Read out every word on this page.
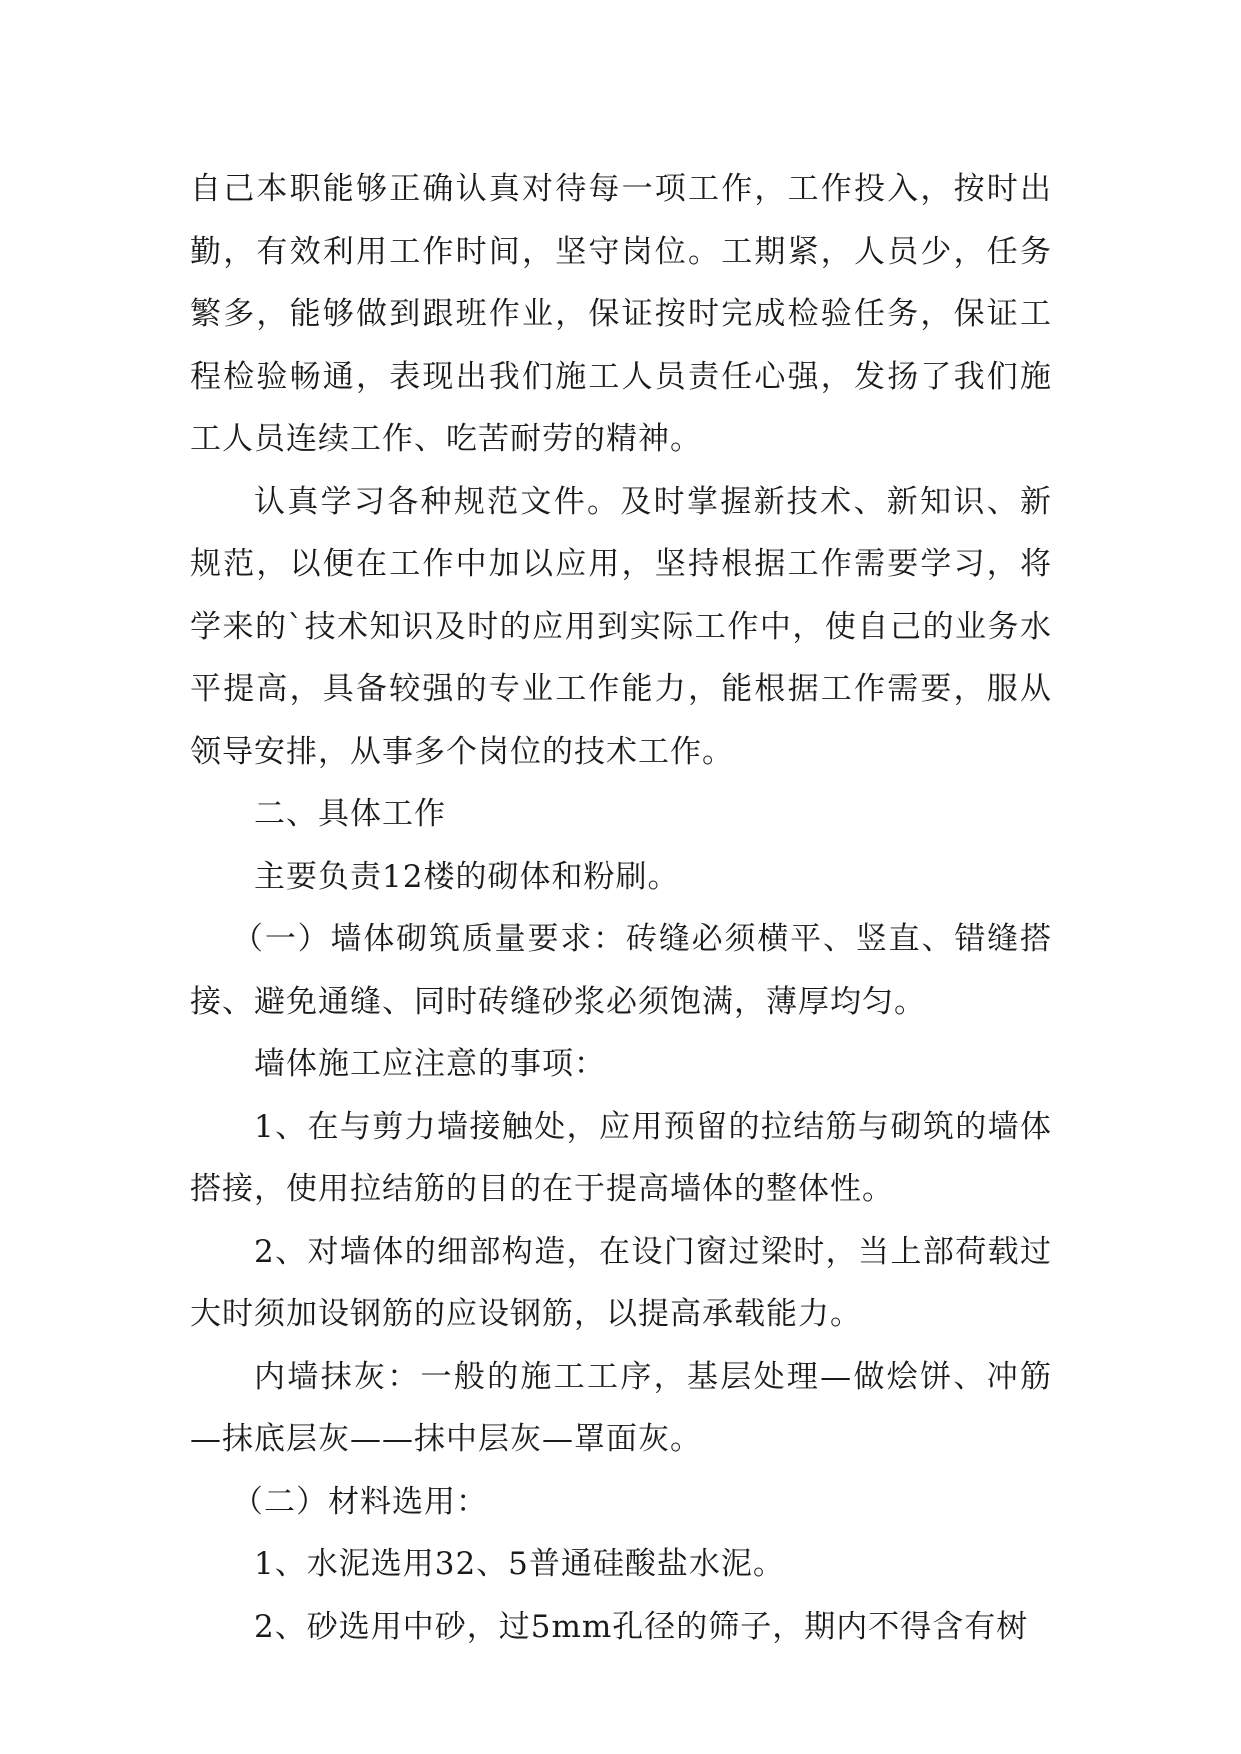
自己本职能够正确认真对待每一项工作，工作投入，按时出勤，有效利用工作时间，坚守岗位。工期紧，人员少，任务繁多，能够做到跟班作业，保证按时完成检验任务，保证工程检验畅通，表现出我们施工人员责任心强，发扬了我们施工人员连续工作、吃苦耐劳的精神。

认真学习各种规范文件。及时掌握新技术、新知识、新规范，以便在工作中加以应用，坚持根据工作需要学习，将学来的`技术知识及时的应用到实际工作中，使自己的业务水平提高，具备较强的专业工作能力，能根据工作需要，服从领导安排，从事多个岗位的技术工作。

二、具体工作

主要负责12楼的砌体和粉刷。

（一）墙体砌筑质量要求：砖缝必须横平、竖直、错缝搭接、避免通缝、同时砖缝砂浆必须饱满，薄厚均匀。

墙体施工应注意的事项：

1、在与剪力墙接触处，应用预留的拉结筋与砌筑的墙体搭接，使用拉结筋的目的在于提高墙体的整体性。

2、对墙体的细部构造，在设门窗过梁时，当上部荷载过大时须加设钢筋的应设钢筋，以提高承载能力。

内墙抹灰：一般的施工工序，基层处理—做烩饼、冲筋—抹底层灰——抹中层灰—罩面灰。

（二）材料选用：

1、水泥选用32、5普通硅酸盐水泥。

2、砂选用中砂，过5mm孔径的筛子，期内不得含有树
